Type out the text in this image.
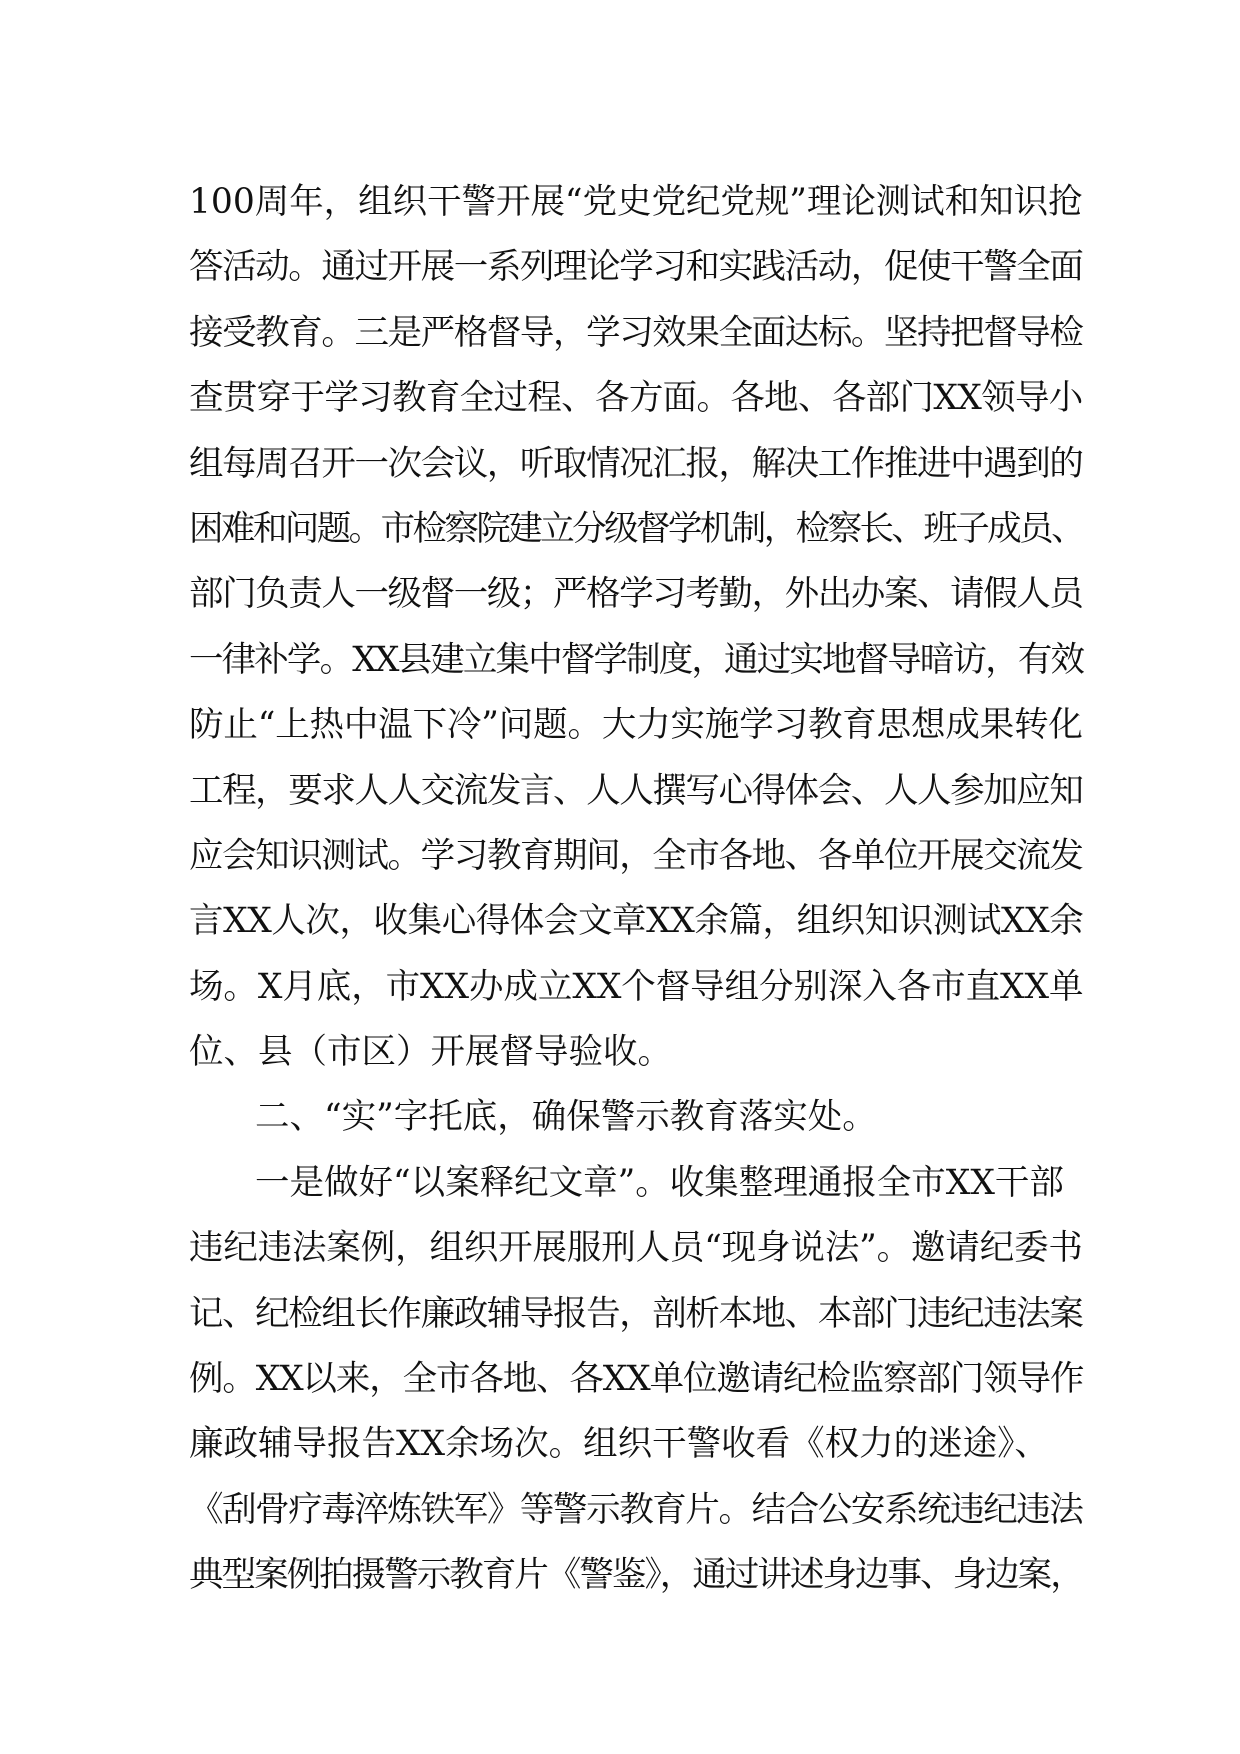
100周年，组织干警开展“党史党纪党规”理论测试和知识抢
答活动。通过开展一系列理论学习和实践活动，促使干警全面
接受教育。三是严格督导，学习效果全面达标。坚持把督导检
查贯穿于学习教育全过程、各方面。各地、各部门XX领导小
组每周召开一次会议，听取情况汇报，解决工作推进中遇到的
困难和问题。市检察院建立分级督学机制，检察长、班子成员、
部门负责人一级督一级；严格学习考勤，外出办案、请假人员
一律补学。XX县建立集中督学制度，通过实地督导暗访，有效
防止“上热中温下冷”问题。大力实施学习教育思想成果转化
工程，要求人人交流发言、人人撰写心得体会、人人参加应知
应会知识测试。学习教育期间，全市各地、各单位开展交流发
言XX人次，收集心得体会文章XX余篇，组织知识测试XX余
场。X月底，市XX办成立XX个督导组分别深入各市直XX单
位、县（市区）开展督导验收。
二、“实”字托底，确保警示教育落实处。
一是做好“以案释纪文章”。收集整理通报全市XX干部
违纪违法案例，组织开展服刑人员“现身说法”。邀请纪委书
记、纪检组长作廉政辅导报告，剖析本地、本部门违纪违法案
例。XX以来，全市各地、各XX单位邀请纪检监察部门领导作
廉政辅导报告XX余场次。组织干警收看《权力的迷途》、
《刮骨疗毒淬炼铁军》等警示教育片。结合公安系统违纪违法
典型案例拍摄警示教育片《警鉴》，通过讲述身边事、身边案，
